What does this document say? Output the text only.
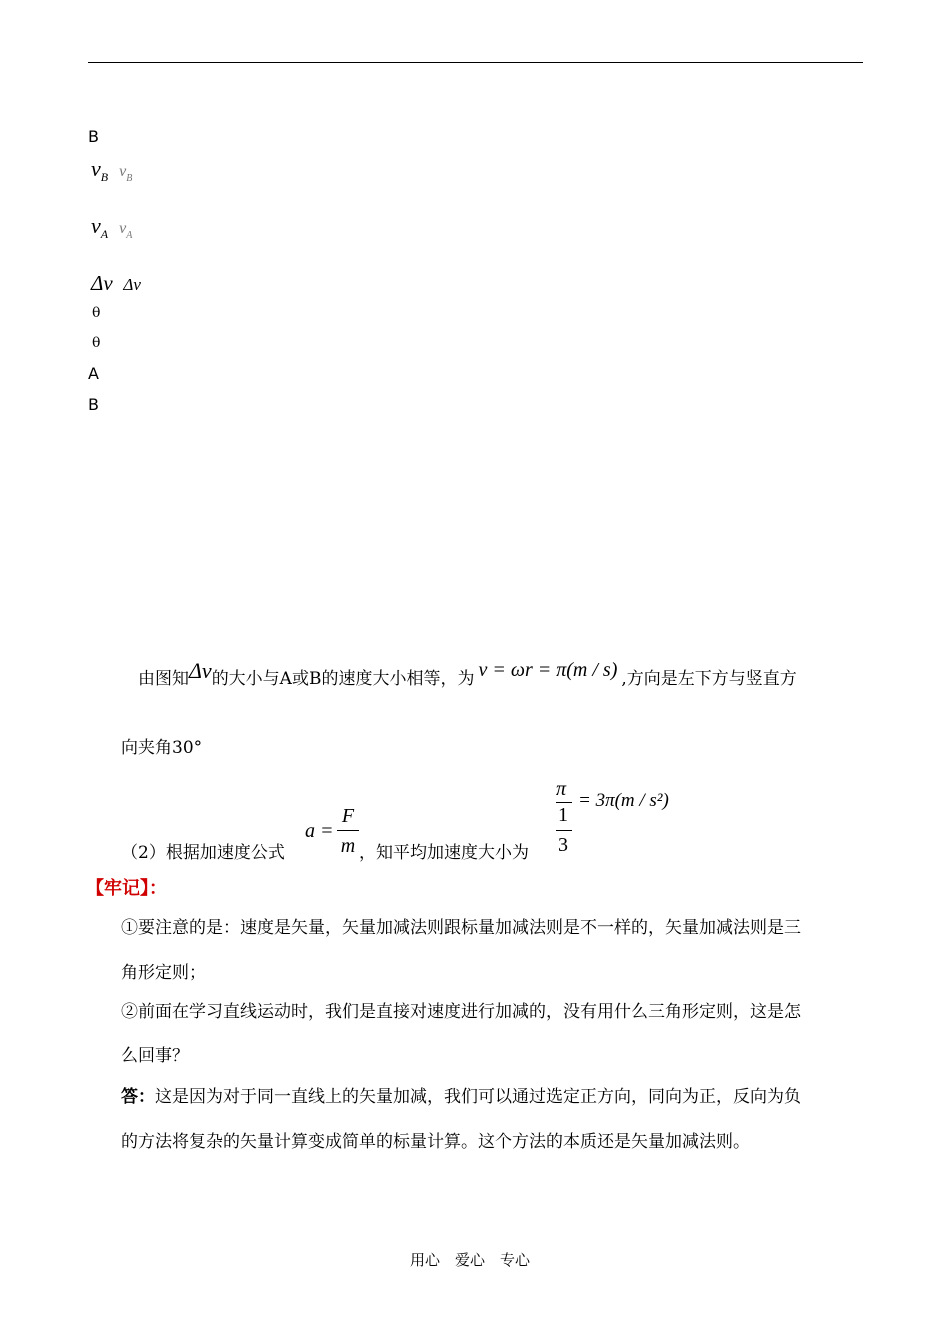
B
$v_B$ $v_B$
$v_A$ $v_A$
Δv Δv
θ
θ
A
B
由图知Δv的大小与A或B的速度大小相等，为 v = ωr = π(m / s) ,方向是左下方与竖直方
向夹角30°
（2）根据加速度公式
a =
F
m ，知平均加速度大小为
π
1
3
= 3π(m / s²)
【牢记】：
①要注意的是：速度是矢量，矢量加减法则跟标量加减法则是不一样的，矢量加减法则是三
角形定则；
②前面在学习直线运动时，我们是直接对速度进行加减的，没有用什么三角形定则，这是怎
么回事？
答：这是因为对于同一直线上的矢量加减，我们可以通过选定正方向，同向为正，反向为负
的方法将复杂的矢量计算变成简单的标量计算。这个方法的本质还是矢量加减法则。
用心　爱心　专心
